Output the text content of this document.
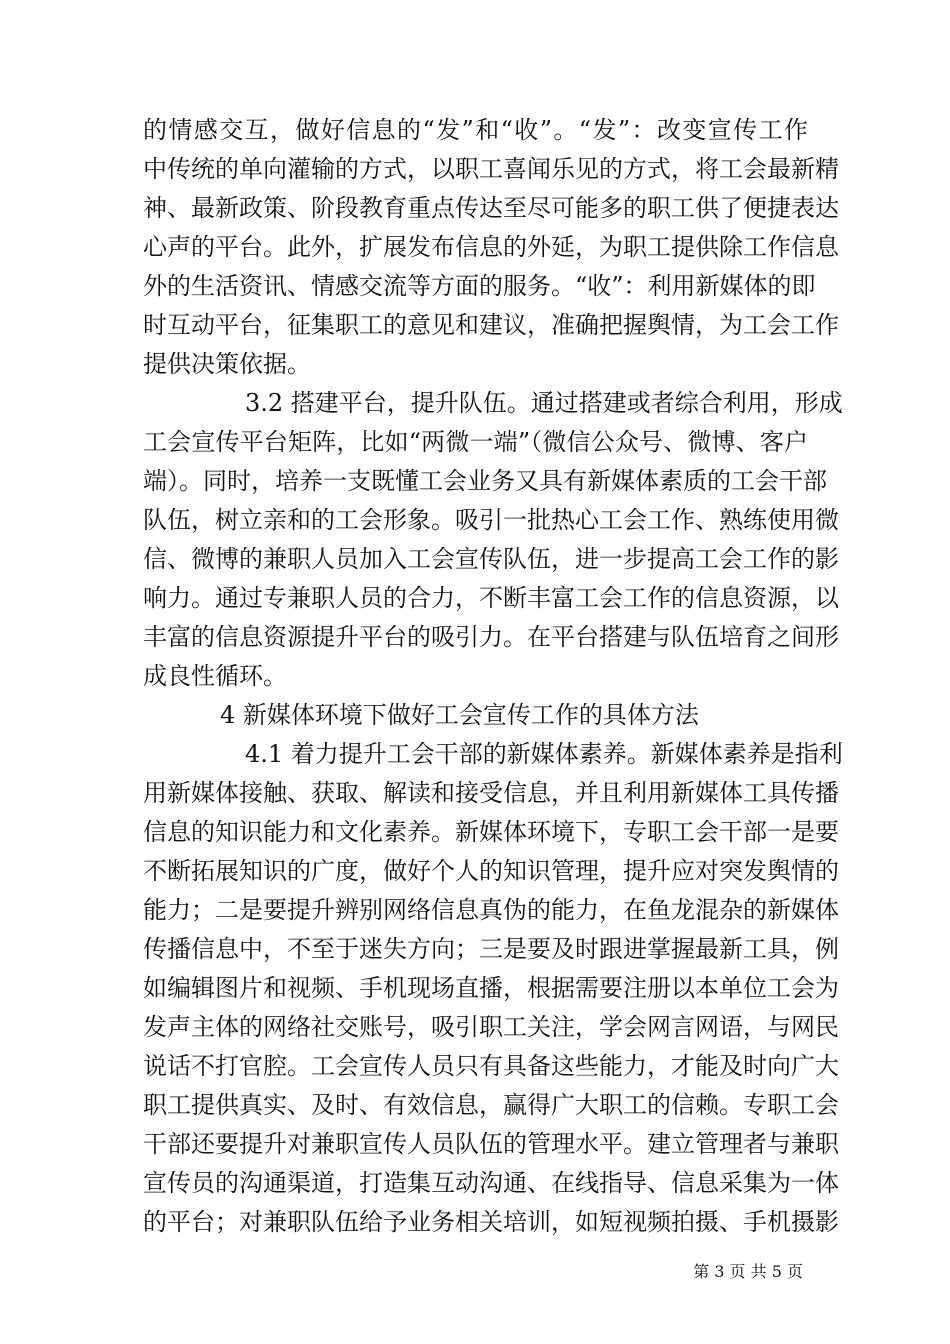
的情感交互，做好信息的“发”和“收”。“发”：改变宣传工作
中传统的单向灌输的方式，以职工喜闻乐见的方式，将工会最新精
神、最新政策、阶段教育重点传达至尽可能多的职工供了便捷表达
心声的平台。此外，扩展发布信息的外延，为职工提供除工作信息
外的生活资讯、情感交流等方面的服务。“收”：利用新媒体的即
时互动平台，征集职工的意见和建议，准确把握舆情，为工会工作
提供决策依据。
3.2 搭建平台，提升队伍。通过搭建或者综合利用，形成
工会宣传平台矩阵，比如“两微一端”（微信公众号、微博、客户
端）。同时，培养一支既懂工会业务又具有新媒体素质的工会干部
队伍，树立亲和的工会形象。吸引一批热心工会工作、熟练使用微
信、微博的兼职人员加入工会宣传队伍，进一步提高工会工作的影
响力。通过专兼职人员的合力，不断丰富工会工作的信息资源，以
丰富的信息资源提升平台的吸引力。在平台搭建与队伍培育之间形
成良性循环。
4 新媒体环境下做好工会宣传工作的具体方法
4.1 着力提升工会干部的新媒体素养。新媒体素养是指利
用新媒体接触、获取、解读和接受信息，并且利用新媒体工具传播
信息的知识能力和文化素养。新媒体环境下，专职工会干部一是要
不断拓展知识的广度，做好个人的知识管理，提升应对突发舆情的
能力；二是要提升辨别网络信息真伪的能力，在鱼龙混杂的新媒体
传播信息中，不至于迷失方向；三是要及时跟进掌握最新工具，例
如编辑图片和视频、手机现场直播，根据需要注册以本单位工会为
发声主体的网络社交账号，吸引职工关注，学会网言网语，与网民
说话不打官腔。工会宣传人员只有具备这些能力，才能及时向广大
职工提供真实、及时、有效信息，赢得广大职工的信赖。专职工会
干部还要提升对兼职宣传人员队伍的管理水平。建立管理者与兼职
宣传员的沟通渠道，打造集互动沟通、在线指导、信息采集为一体
的平台；对兼职队伍给予业务相关培训，如短视频拍摄、手机摄影
第 3 页 共 5 页
